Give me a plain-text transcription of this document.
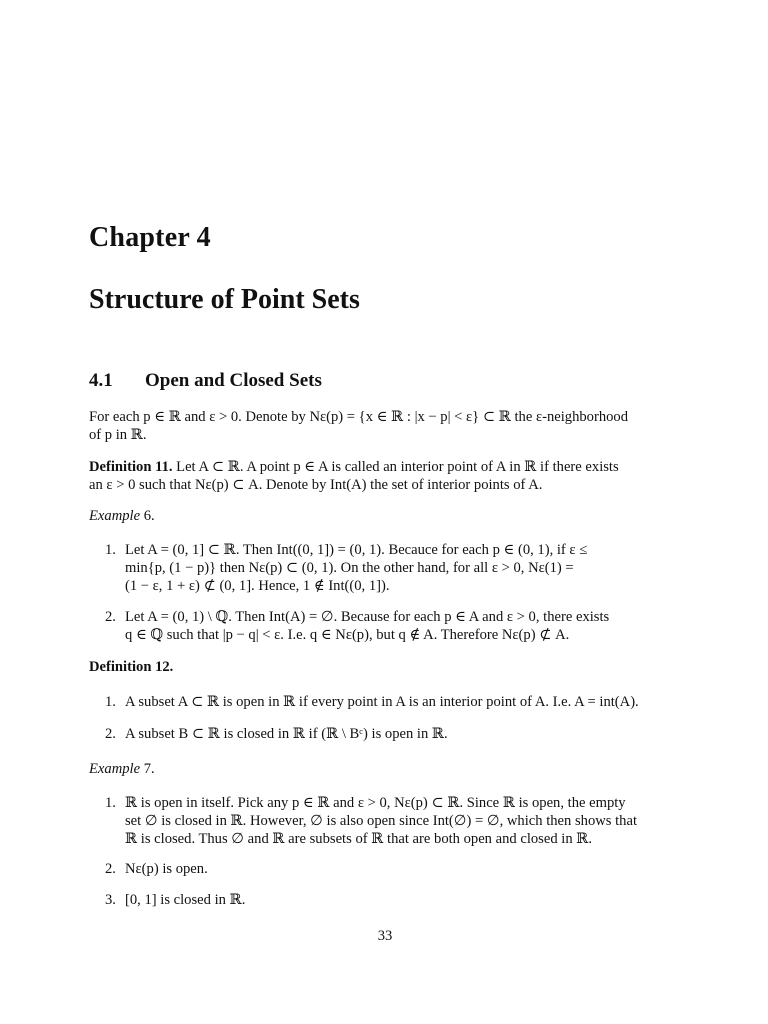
Chapter 4
Structure of Point Sets
4.1 Open and Closed Sets
For each p ∈ ℝ and ε > 0. Denote by Nε(p) = {x ∈ ℝ : |x − p| < ε} ⊂ ℝ the ε-neighborhood
of p in ℝ.
Definition 11. Let A ⊂ ℝ. A point p ∈ A is called an interior point of A in ℝ if there exists
an ε > 0 such that Nε(p) ⊂ A. Denote by Int(A) the set of interior points of A.
Example 6.
1. Let A = (0, 1] ⊂ ℝ. Then Int((0, 1]) = (0, 1). Becauce for each p ∈ (0, 1), if ε ≤
min{p, (1 − p)} then Nε(p) ⊂ (0, 1). On the other hand, for all ε > 0, Nε(1) =
(1 − ε, 1 + ε) ⊄ (0, 1]. Hence, 1 ∉ Int((0, 1]).
2. Let A = (0, 1) \ ℚ. Then Int(A) = ∅. Because for each p ∈ A and ε > 0, there exists
q ∈ ℚ such that |p − q| < ε. I.e. q ∈ Nε(p), but q ∉ A. Therefore Nε(p) ⊄ A.
Definition 12.
1. A subset A ⊂ ℝ is open in ℝ if every point in A is an interior point of A. I.e. A = int(A).
2. A subset B ⊂ ℝ is closed in ℝ if (ℝ \ Bᶜ) is open in ℝ.
Example 7.
1. ℝ is open in itself. Pick any p ∈ ℝ and ε > 0, Nε(p) ⊂ ℝ. Since ℝ is open, the empty
set ∅ is closed in ℝ. However, ∅ is also open since Int(∅) = ∅, which then shows that
ℝ is closed. Thus ∅ and ℝ are subsets of ℝ that are both open and closed in ℝ.
2. Nε(p) is open.
3. [0, 1] is closed in ℝ.
33
